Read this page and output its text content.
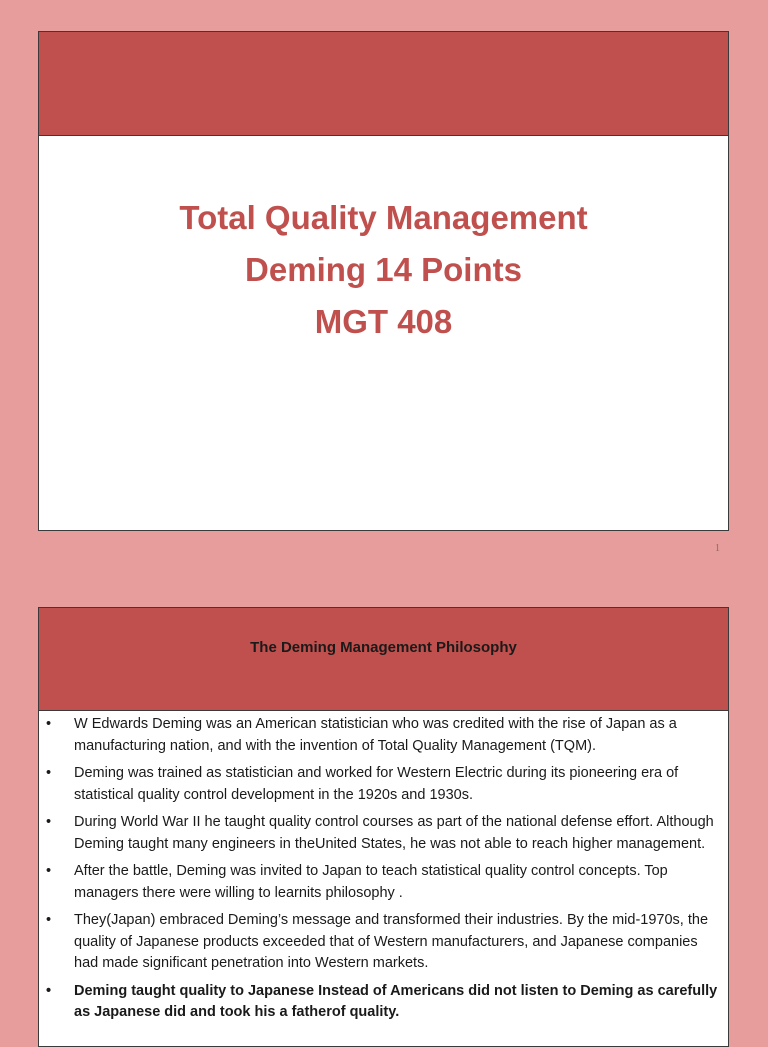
Total Quality Management
Deming 14 Points
MGT 408
1
The Deming Management Philosophy
• W Edwards Deming was an American statistician who was credited with the rise of Japan as a manufacturing nation, and with the invention of Total Quality Management (TQM).
• Deming was trained as statistician and worked for Western Electric during its pioneering era of statistical quality control development in the 1920s and 1930s.
• During World War II he taught quality control courses as part of the national defense effort. Although Deming taught many engineers in theUnited States, he was not able to reach higher management.
• After the battle, Deming was invited to Japan to teach statistical quality control concepts. Top managers there were willing to learnits philosophy .
• They(Japan) embraced Deming’s message and transformed their industries. By the mid-1970s, the quality of Japanese products exceeded that of Western manufacturers, and Japanese companies had made significant penetration into Western markets.
• Deming taught quality to Japanese Instead of Americans did not listen to Deming as carefully as Japanese did and took his a fatherof quality.
